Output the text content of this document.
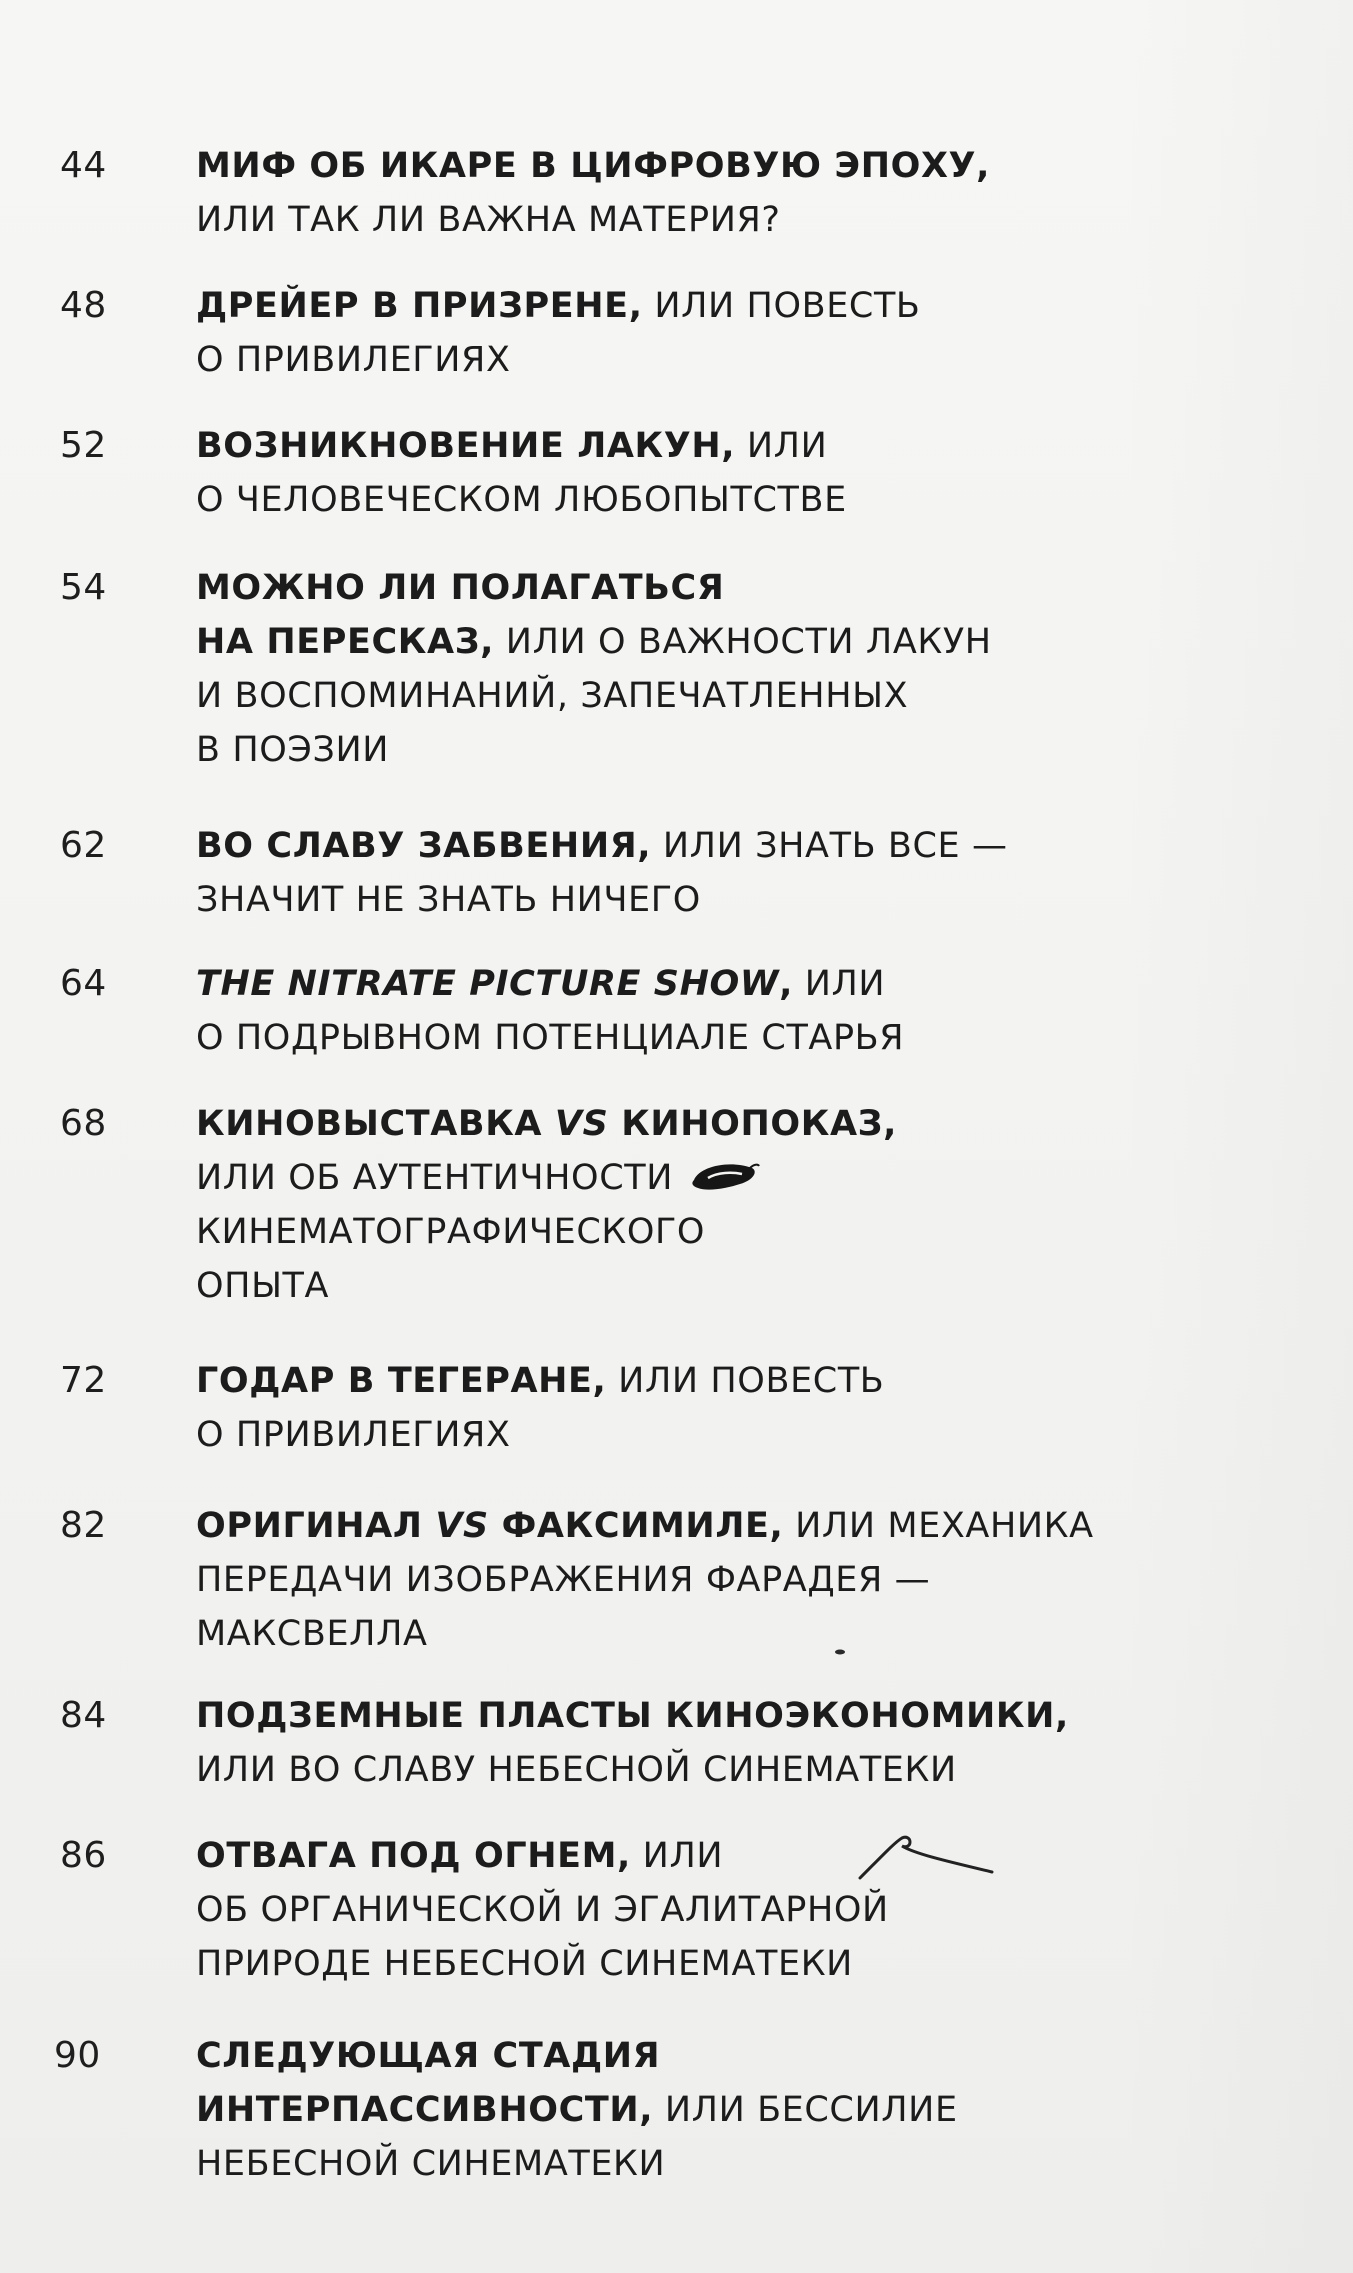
44	МИФ ОБ ИКАРЕ В ЦИФРОВУЮ ЭПОХУ,
ИЛИ ТАК ЛИ ВАЖНА МАТЕРИЯ?
48	ДРЕЙЕР В ПРИЗРЕНЕ, ИЛИ ПОВЕСТЬ
О ПРИВИЛЕГИЯХ
52	ВОЗНИКНОВЕНИЕ ЛАКУН, ИЛИ
О ЧЕЛОВЕЧЕСКОМ ЛЮБОПЫТСТВЕ
54	МОЖНО ЛИ ПОЛАГАТЬСЯ
НА ПЕРЕСКАЗ, ИЛИ О ВАЖНОСТИ ЛАКУН
И ВОСПОМИНАНИЙ, ЗАПЕЧАТЛЕННЫХ
В ПОЭЗИИ
62	ВО СЛАВУ ЗАБВЕНИЯ, ИЛИ ЗНАТЬ ВСЕ —
ЗНАЧИТ НЕ ЗНАТЬ НИЧЕГО
64	THE NITRATE PICTURE SHOW, ИЛИ
О ПОДРЫВНОМ ПОТЕНЦИАЛЕ СТАРЬЯ
68	КИНОВЫСТАВКА VS КИНОПОКАЗ,
ИЛИ ОБ АУТЕНТИЧНОСТИ
КИНЕМАТОГРАФИЧЕСКОГО
ОПЫТА
72	ГОДАР В ТЕГЕРАНЕ, ИЛИ ПОВЕСТЬ
О ПРИВИЛЕГИЯХ
82	ОРИГИНАЛ VS ФАКСИМИЛЕ, ИЛИ МЕХАНИКА
ПЕРЕДАЧИ ИЗОБРАЖЕНИЯ ФАРАДЕЯ —
МАКСВЕЛЛА
84	ПОДЗЕМНЫЕ ПЛАСТЫ КИНОЭКОНОМИКИ,
ИЛИ ВО СЛАВУ НЕБЕСНОЙ СИНЕМАТЕКИ
86	ОТВАГА ПОД ОГНЕМ, ИЛИ
ОБ ОРГАНИЧЕСКОЙ И ЭГАЛИТАРНОЙ
ПРИРОДЕ НЕБЕСНОЙ СИНЕМАТЕКИ
90	СЛЕДУЮЩАЯ СТАДИЯ
ИНТЕРПАССИВНОСТИ, ИЛИ БЕССИЛИЕ
НЕБЕСНОЙ СИНЕМАТЕКИ
